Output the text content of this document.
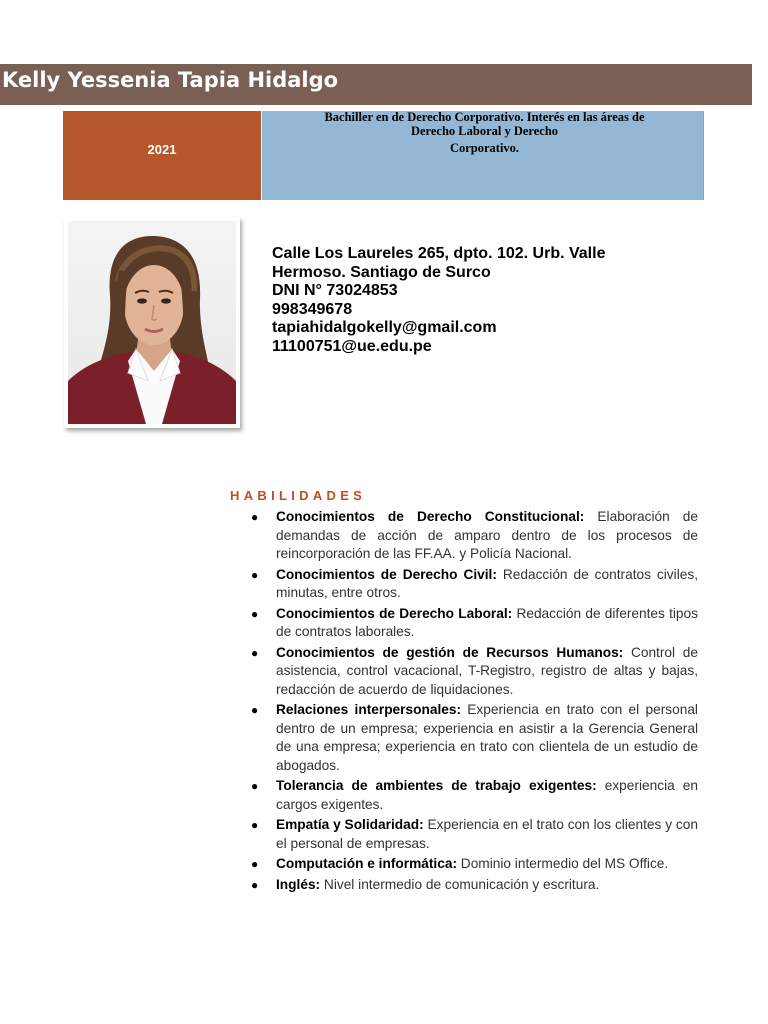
Kelly Yessenia Tapia Hidalgo
2021
Bachiller en de Derecho Corporativo. Interés en las áreas de
Derecho Laboral y Derecho
Corporativo.
Calle Los Laureles 265, dpto. 102. Urb. Valle
Hermoso. Santiago de Surco
DNI N° 73024853
998349678
tapiahidalgokelly@gmail.com
11100751@ue.edu.pe
HABILIDADES
● Conocimientos de Derecho Constitucional: Elaboración de demandas de acción de amparo dentro de los procesos de reincorporación de las FF.AA. y Policía Nacional.
● Conocimientos de Derecho Civil: Redacción de contratos civiles, minutas, entre otros.
● Conocimientos de Derecho Laboral: Redacción de diferentes tipos de contratos laborales.
● Conocimientos de gestión de Recursos Humanos: Control de asistencia, control vacacional, T-Registro, registro de altas y bajas, redacción de acuerdo de liquidaciones.
● Relaciones interpersonales: Experiencia en trato con el personal dentro de un empresa; experiencia en asistir a la Gerencia General de una empresa; experiencia en trato con clientela de un estudio de abogados.
● Tolerancia de ambientes de trabajo exigentes: experiencia en cargos exigentes.
● Empatía y Solidaridad: Experiencia en el trato con los clientes y con el personal de empresas.
● Computación e informática: Dominio intermedio del MS Office.
● Inglés: Nivel intermedio de comunicación y escritura.
